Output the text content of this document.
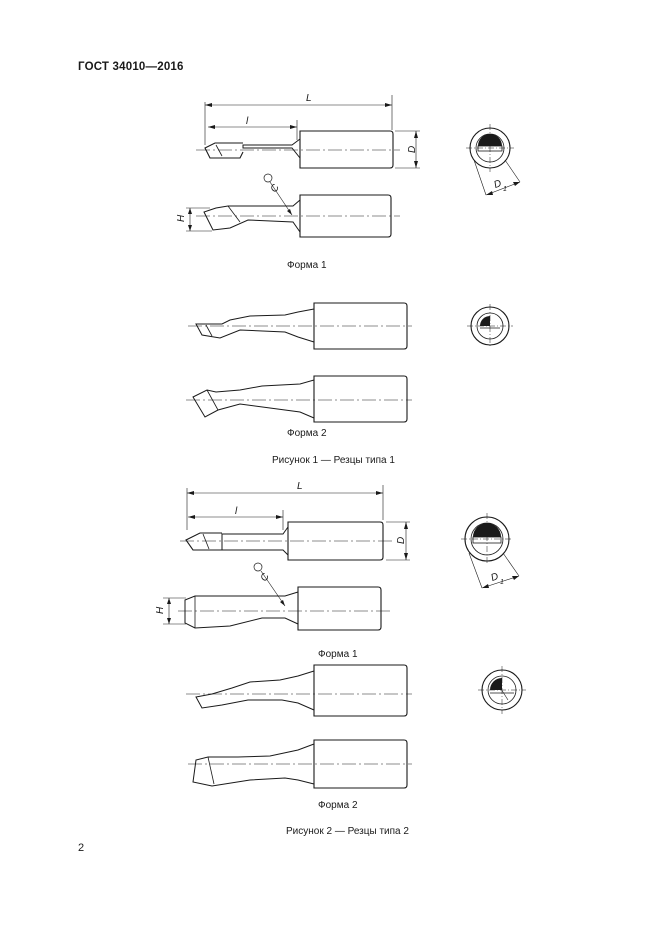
ГОСТ 34010—2016
L
l
D
D 1
H
C
L
l
D
D 1
H
C
Форма 1
Форма 2
Рисунок 1 — Резцы типа 1
Форма 1
Форма 2
Рисунок 2 — Резцы типа 2
2
